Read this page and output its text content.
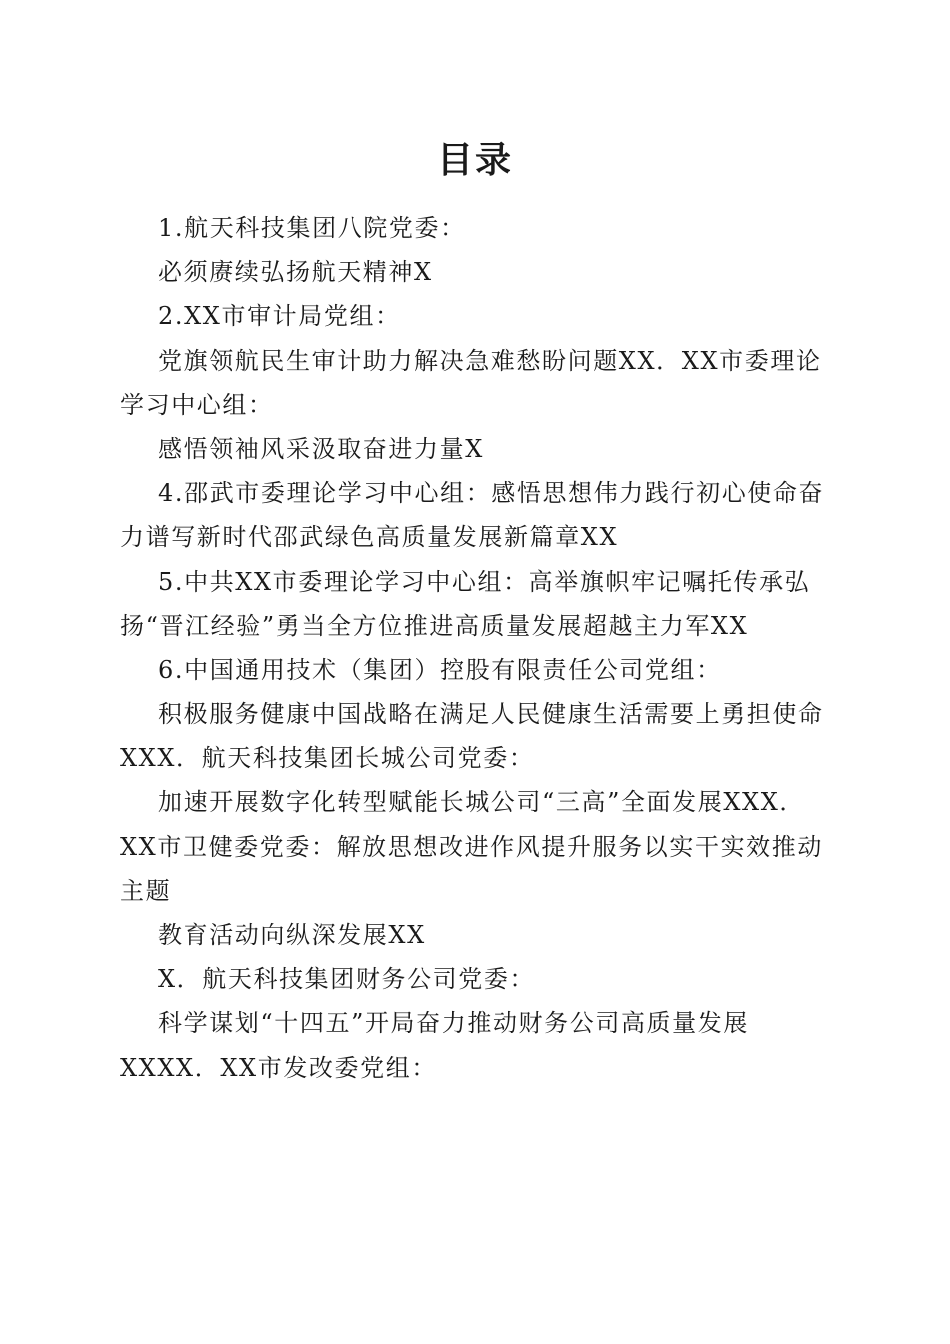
目录
1.航天科技集团八院党委：
必须赓续弘扬航天精神X
2.XX市审计局党组：
党旗领航民生审计助力解决急难愁盼问题XX．XX市委理论
学习中心组：
感悟领袖风采汲取奋进力量X
4.邵武市委理论学习中心组：感悟思想伟力践行初心使命奋
力谱写新时代邵武绿色高质量发展新篇章XX
5.中共XX市委理论学习中心组：高举旗帜牢记嘱托传承弘
扬“晋江经验”勇当全方位推进高质量发展超越主力军XX
6.中国通用技术（集团）控股有限责任公司党组：
积极服务健康中国战略在满足人民健康生活需要上勇担使命
XXX．航天科技集团长城公司党委：
加速开展数字化转型赋能长城公司“三高”全面发展XXX．
XX市卫健委党委：解放思想改进作风提升服务以实干实效推动
主题
教育活动向纵深发展XX
X．航天科技集团财务公司党委：
科学谋划“十四五”开局奋力推动财务公司高质量发展
XXXX．XX市发改委党组：
